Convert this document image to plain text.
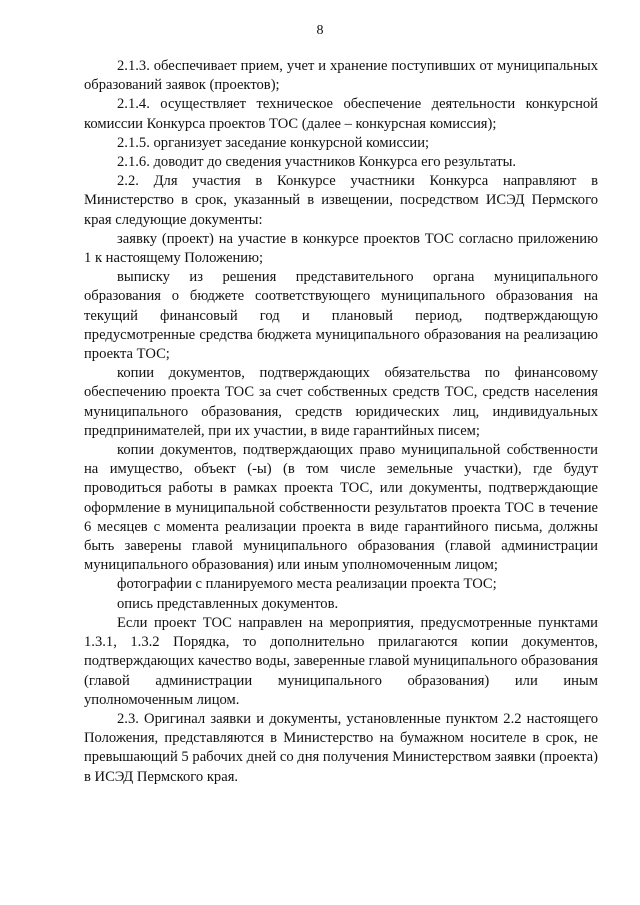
8

2.1.3. обеспечивает прием, учет и хранение поступивших от муниципальных образований заявок (проектов);

2.1.4. осуществляет техническое обеспечение деятельности конкурсной комиссии Конкурса проектов ТОС (далее – конкурсная комиссия);

2.1.5. организует заседание конкурсной комиссии;

2.1.6. доводит до сведения участников Конкурса его результаты.

2.2. Для участия в Конкурсе участники Конкурса направляют в Министерство в срок, указанный в извещении, посредством ИСЭД Пермского края следующие документы:

заявку (проект) на участие в конкурсе проектов ТОС согласно приложению 1 к настоящему Положению;

выписку из решения представительного органа муниципального образования о бюджете соответствующего муниципального образования на текущий финансовый год и плановый период, подтверждающую предусмотренные средства бюджета муниципального образования на реализацию проекта ТОС;

копии документов, подтверждающих обязательства по финансовому обеспечению проекта ТОС за счет собственных средств ТОС, средств населения муниципального образования, средств юридических лиц, индивидуальных предпринимателей, при их участии, в виде гарантийных писем;

копии документов, подтверждающих право муниципальной собственности на имущество, объект (-ы) (в том числе земельные участки), где будут проводиться работы в рамках проекта ТОС, или документы, подтверждающие оформление в муниципальной собственности результатов проекта ТОС в течение 6 месяцев с момента реализации проекта в виде гарантийного письма, должны быть заверены главой муниципального образования (главой администрации муниципального образования) или иным уполномоченным лицом;

фотографии с планируемого места реализации проекта ТОС;

опись представленных документов.

Если проект ТОС направлен на мероприятия, предусмотренные пунктами 1.3.1, 1.3.2 Порядка, то дополнительно прилагаются копии документов, подтверждающих качество воды, заверенные главой муниципального образования (главой администрации муниципального образования) или иным уполномоченным лицом.

2.3. Оригинал заявки и документы, установленные пунктом 2.2 настоящего Положения, представляются в Министерство на бумажном носителе в срок, не превышающий 5 рабочих дней со дня получения Министерством заявки (проекта) в ИСЭД Пермского края.
